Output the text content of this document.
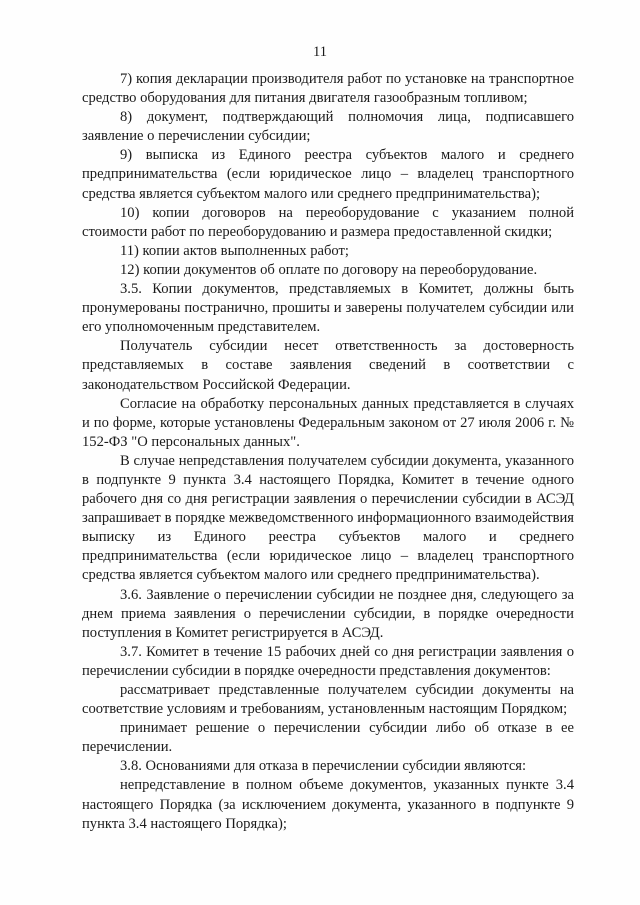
11

7) копия декларации производителя работ по установке на транспортное средство оборудования для питания двигателя газообразным топливом;

8) документ, подтверждающий полномочия лица, подписавшего заявление о перечислении субсидии;

9) выписка из Единого реестра субъектов малого и среднего предпринимательства (если юридическое лицо – владелец транспортного средства является субъектом малого или среднего предпринимательства);

10) копии договоров на переоборудование с указанием полной стоимости работ по переоборудованию и размера предоставленной скидки;

11) копии актов выполненных работ;

12) копии документов об оплате по договору на переоборудование.

3.5. Копии документов, представляемых в Комитет, должны быть пронумерованы постранично, прошиты и заверены получателем субсидии или его уполномоченным представителем.

Получатель субсидии несет ответственность за достоверность представляемых в составе заявления сведений в соответствии с законодательством Российской Федерации.

Согласие на обработку персональных данных представляется в случаях и по форме, которые установлены Федеральным законом от 27 июля 2006 г. № 152-ФЗ "О персональных данных".

В случае непредставления получателем субсидии документа, указанного в подпункте 9 пункта 3.4 настоящего Порядка, Комитет в течение одного рабочего дня со дня регистрации заявления о перечислении субсидии в АСЭД запрашивает в порядке межведомственного информационного взаимодействия выписку из Единого реестра субъектов малого и среднего предпринимательства (если юридическое лицо – владелец транспортного средства является субъектом малого или среднего предпринимательства).

3.6. Заявление о перечислении субсидии не позднее дня, следующего за днем приема заявления о перечислении субсидии, в порядке очередности поступления в Комитет регистрируется в АСЭД.

3.7. Комитет в течение 15 рабочих дней со дня регистрации заявления о перечислении субсидии в порядке очередности представления документов:

рассматривает представленные получателем субсидии документы на соответствие условиям и требованиям, установленным настоящим Порядком;

принимает решение о перечислении субсидии либо об отказе в ее перечислении.

3.8. Основаниями для отказа в перечислении субсидии являются:

непредставление в полном объеме документов, указанных пункте 3.4 настоящего Порядка (за исключением документа, указанного в подпункте 9 пункта 3.4 настоящего Порядка);
